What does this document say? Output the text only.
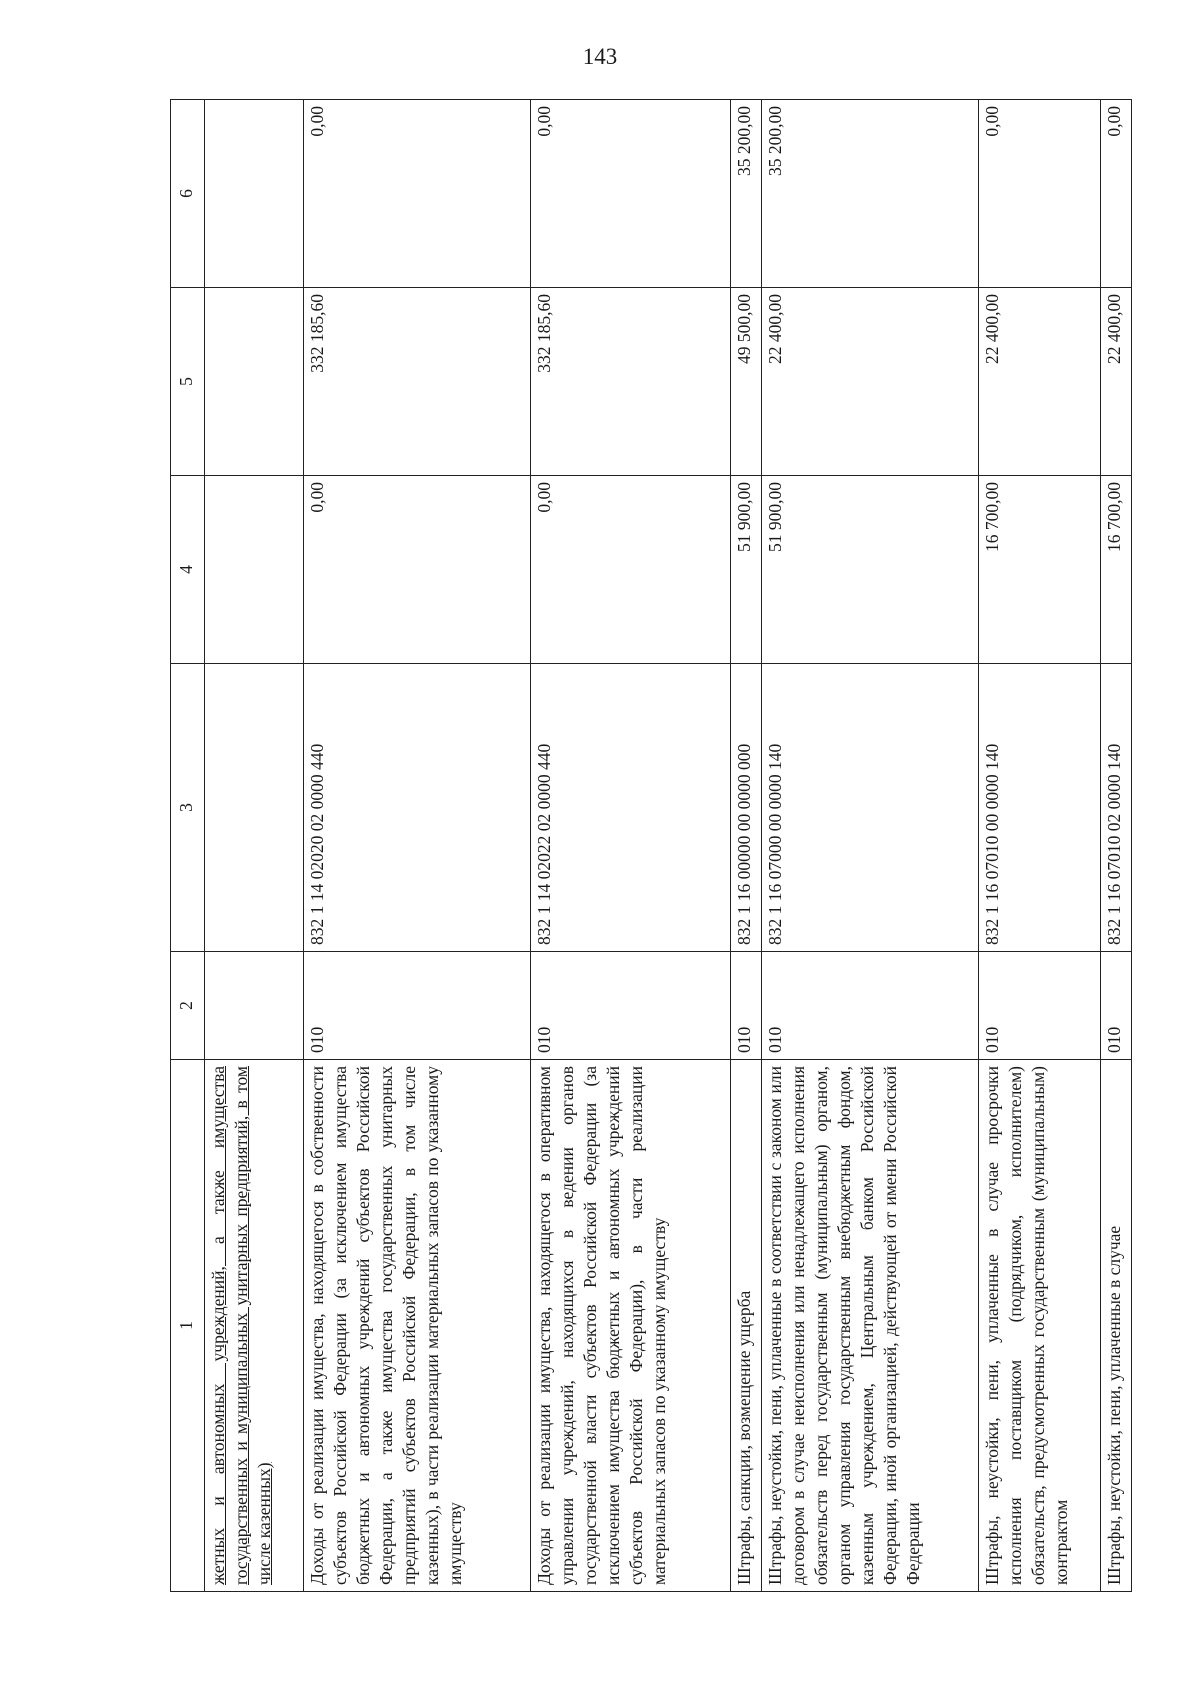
143
1	2	3	4	5	6
жетных и автономных учреждений, а также имущества государственных и муниципальных унитарных предприятий, в том числе казенных)					
Доходы от реализации имущества, находящегося в собственности субъектов Российской Федерации (за исключением имущества бюджетных и автономных учреждений субъектов Российской Федерации, а также имущества государственных унитарных предприятий субъектов Российской Федерации, в том числе казенных), в части реализации материальных запасов по указанному имуществу	010	832 1 14 02020 02 0000 440	0,00	332 185,60	0,00
Доходы от реализации имущества, находящегося в оперативном управлении учреждений, находящихся в ведении органов государственной власти субъектов Российской Федерации (за исключением имущества бюджетных и автономных учреждений субъектов Российской Федерации), в части реализации материальных запасов по указанному имуществу	010	832 1 14 02022 02 0000 440	0,00	332 185,60	0,00
Штрафы, санкции, возмещение ущерба	010	832 1 16 00000 00 0000 000	51 900,00	49 500,00	35 200,00
Штрафы, неустойки, пени, уплаченные в соответствии с законом или договором в случае неисполнения или ненадлежащего исполнения обязательств перед государственным (муниципальным) органом, органом управления государственным внебюджетным фондом, казенным учреждением, Центральным банком Российской Федерации, иной организацией, действующей от имени Российской Федерации	010	832 1 16 07000 00 0000 140	51 900,00	22 400,00	35 200,00
Штрафы, неустойки, пени, уплаченные в случае просрочки исполнения поставщиком (подрядчиком, исполнителем) обязательств, предусмотренных государственным (муниципальным) контрактом	010	832 1 16 07010 00 0000 140	16 700,00	22 400,00	0,00
Штрафы, неустойки, пени, уплаченные в случае	010	832 1 16 07010 02 0000 140	16 700,00	22 400,00	0,00
